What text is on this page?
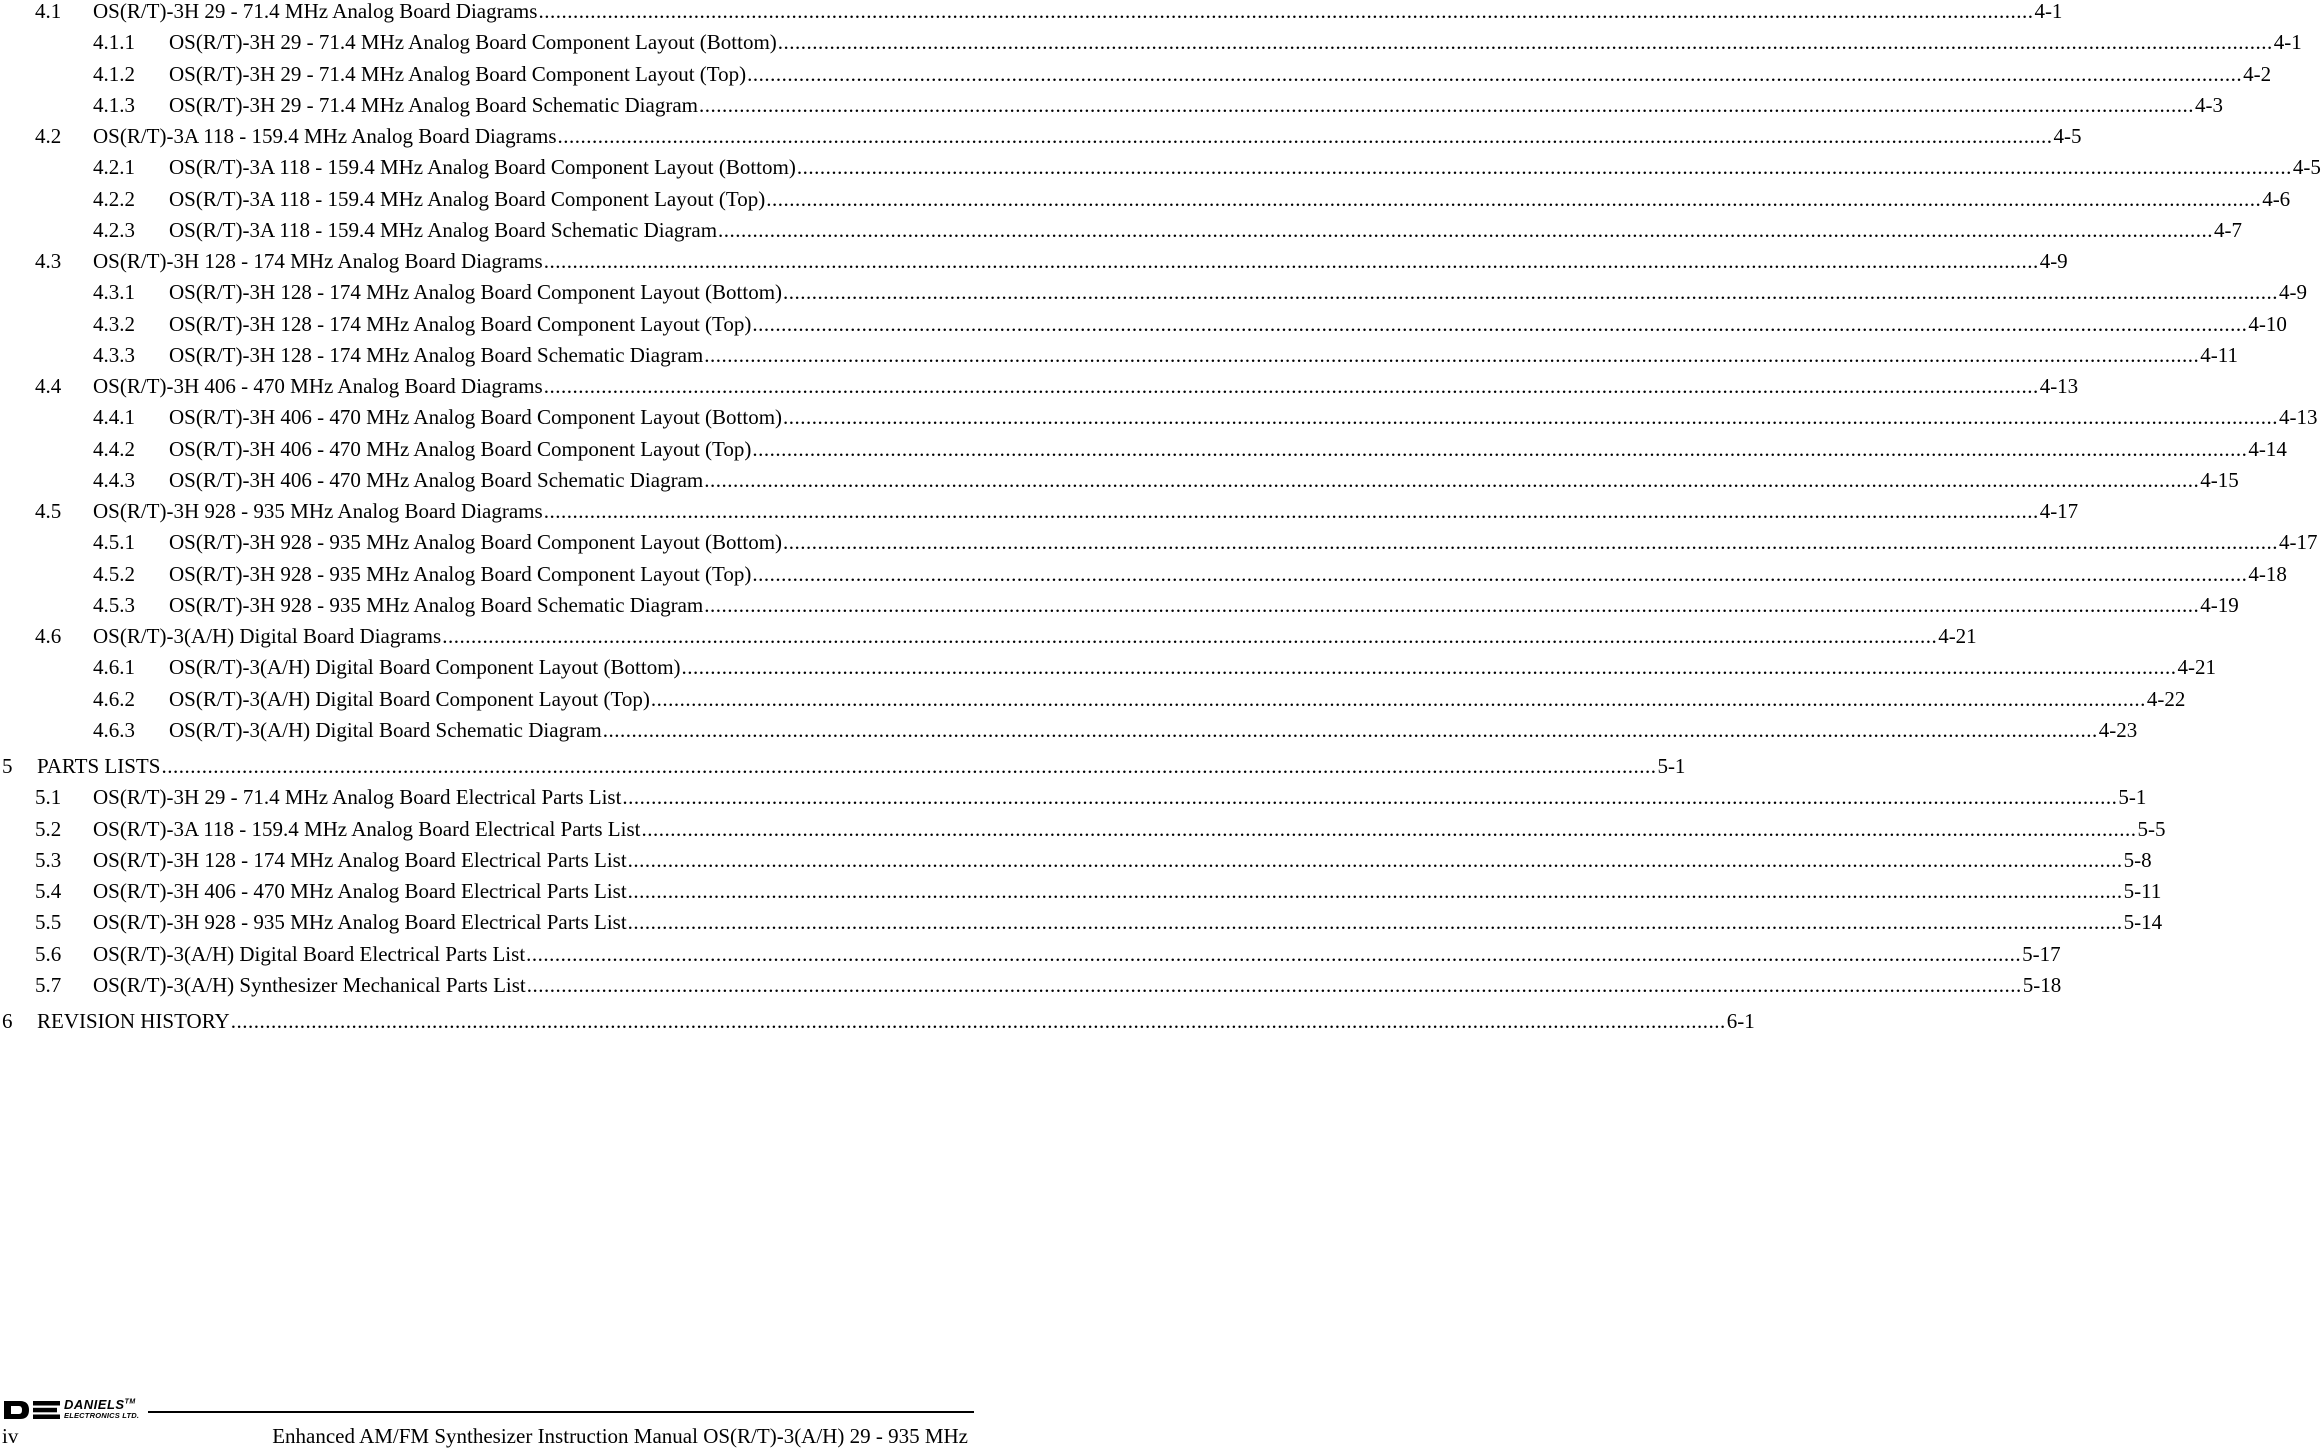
4.1	OS(R/T)-3H 29 - 71.4 MHz Analog Board Diagrams .................................................................................................................................................................................................................................................................... 4-1
4.1.1	OS(R/T)-3H 29 - 71.4 MHz Analog Board Component Layout (Bottom) .................................................................................................................................................................................................................................................................... 4-1
4.1.2	OS(R/T)-3H 29 - 71.4 MHz Analog Board Component Layout (Top) .................................................................................................................................................................................................................................................................... 4-2
4.1.3	OS(R/T)-3H 29 - 71.4 MHz Analog Board Schematic Diagram .................................................................................................................................................................................................................................................................... 4-3
4.2	OS(R/T)-3A 118 - 159.4 MHz Analog Board Diagrams .................................................................................................................................................................................................................................................................... 4-5
4.2.1	OS(R/T)-3A 118 - 159.4 MHz Analog Board Component Layout (Bottom) .................................................................................................................................................................................................................................................................... 4-5
4.2.2	OS(R/T)-3A 118 - 159.4 MHz Analog Board Component Layout (Top) .................................................................................................................................................................................................................................................................... 4-6
4.2.3	OS(R/T)-3A 118 - 159.4 MHz Analog Board Schematic Diagram .................................................................................................................................................................................................................................................................... 4-7
4.3	OS(R/T)-3H 128 - 174 MHz Analog Board Diagrams .................................................................................................................................................................................................................................................................... 4-9
4.3.1	OS(R/T)-3H 128 - 174 MHz Analog Board Component Layout (Bottom) .................................................................................................................................................................................................................................................................... 4-9
4.3.2	OS(R/T)-3H 128 - 174 MHz Analog Board Component Layout (Top) .................................................................................................................................................................................................................................................................... 4-10
4.3.3	OS(R/T)-3H 128 - 174 MHz Analog Board Schematic Diagram .................................................................................................................................................................................................................................................................... 4-11
4.4	OS(R/T)-3H 406 - 470 MHz Analog Board Diagrams .................................................................................................................................................................................................................................................................... 4-13
4.4.1	OS(R/T)-3H 406 - 470 MHz Analog Board Component Layout (Bottom) .................................................................................................................................................................................................................................................................... 4-13
4.4.2	OS(R/T)-3H 406 - 470 MHz Analog Board Component Layout (Top) .................................................................................................................................................................................................................................................................... 4-14
4.4.3	OS(R/T)-3H 406 - 470 MHz Analog Board Schematic Diagram .................................................................................................................................................................................................................................................................... 4-15
4.5	OS(R/T)-3H 928 - 935 MHz Analog Board Diagrams .................................................................................................................................................................................................................................................................... 4-17
4.5.1	OS(R/T)-3H 928 - 935 MHz Analog Board Component Layout (Bottom) .................................................................................................................................................................................................................................................................... 4-17
4.5.2	OS(R/T)-3H 928 - 935 MHz Analog Board Component Layout (Top) .................................................................................................................................................................................................................................................................... 4-18
4.5.3	OS(R/T)-3H 928 - 935 MHz Analog Board Schematic Diagram .................................................................................................................................................................................................................................................................... 4-19
4.6	OS(R/T)-3(A/H) Digital Board Diagrams .................................................................................................................................................................................................................................................................... 4-21
4.6.1	OS(R/T)-3(A/H) Digital Board Component Layout (Bottom) .................................................................................................................................................................................................................................................................... 4-21
4.6.2	OS(R/T)-3(A/H) Digital Board Component Layout (Top) .................................................................................................................................................................................................................................................................... 4-22
4.6.3	OS(R/T)-3(A/H) Digital Board Schematic Diagram .................................................................................................................................................................................................................................................................... 4-23
5	PARTS LISTS .................................................................................................................................................................................................................................................................... 5-1
5.1	OS(R/T)-3H 29 - 71.4 MHz Analog Board Electrical Parts List .................................................................................................................................................................................................................................................................... 5-1
5.2	OS(R/T)-3A 118 - 159.4 MHz Analog Board Electrical Parts List .................................................................................................................................................................................................................................................................... 5-5
5.3	OS(R/T)-3H 128 - 174 MHz Analog Board Electrical Parts List .................................................................................................................................................................................................................................................................... 5-8
5.4	OS(R/T)-3H 406 - 470 MHz Analog Board Electrical Parts List .................................................................................................................................................................................................................................................................... 5-11
5.5	OS(R/T)-3H 928 - 935 MHz Analog Board Electrical Parts List .................................................................................................................................................................................................................................................................... 5-14
5.6	OS(R/T)-3(A/H) Digital Board Electrical Parts List .................................................................................................................................................................................................................................................................... 5-17
5.7	OS(R/T)-3(A/H) Synthesizer Mechanical Parts List .................................................................................................................................................................................................................................................................... 5-18
6	REVISION HISTORY .................................................................................................................................................................................................................................................................... 6-1
DANIELS™
ELECTRONICS LTD.
iv	Enhanced AM/FM Synthesizer Instruction Manual OS(R/T)-3(A/H) 29 - 935 MHz
